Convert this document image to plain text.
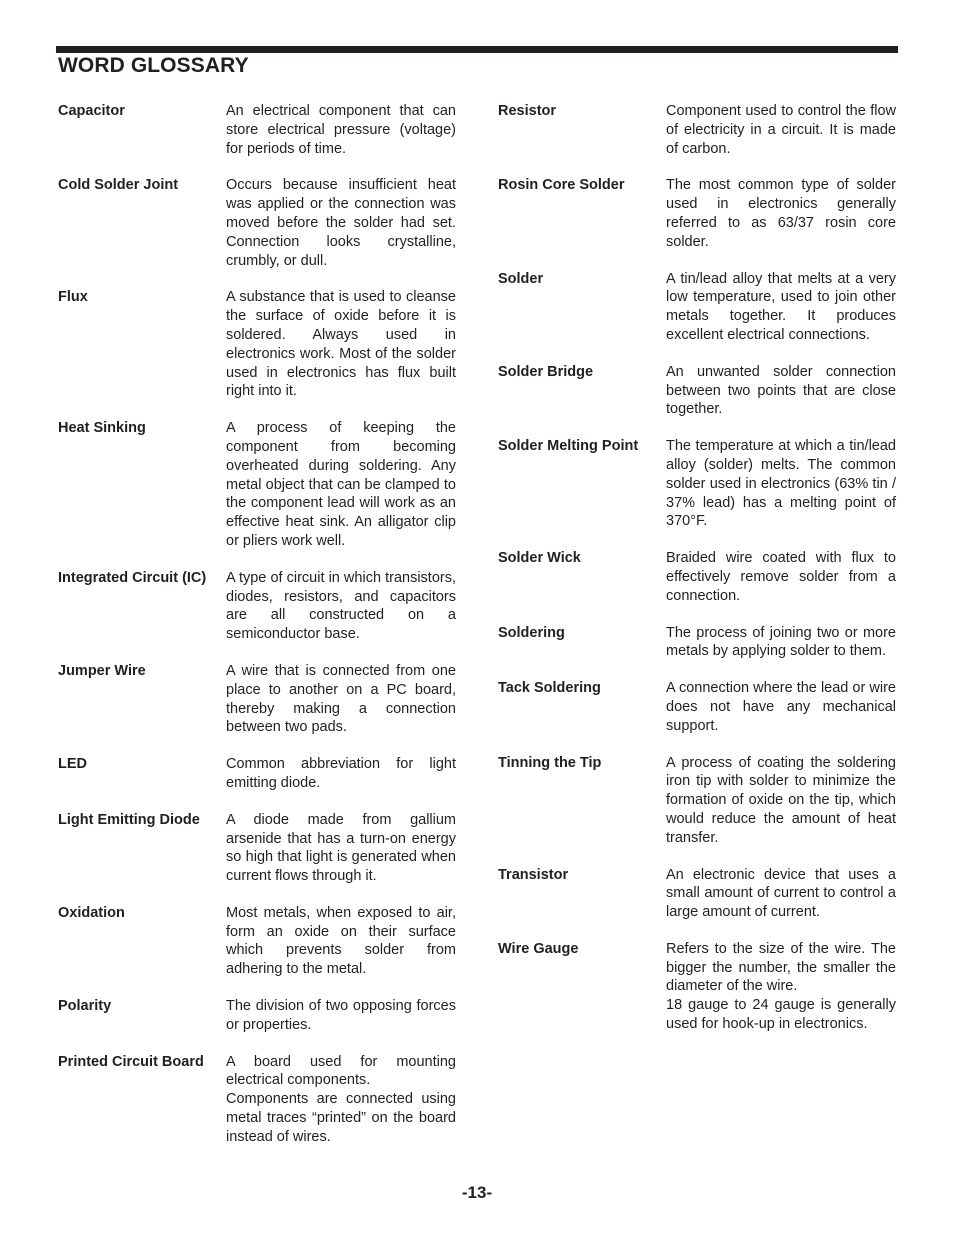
WORD GLOSSARY
Capacitor	An electrical component that can store electrical pressure (voltage) for periods of time.
Cold Solder Joint	Occurs because insufficient heat was applied or the connection was moved before the solder had set. Connection looks crystalline, crumbly, or dull.
Flux	A substance that is used to cleanse the surface of oxide before it is soldered. Always used in electronics work. Most of the solder used in electronics has flux built right into it.
Heat Sinking	A process of keeping the component from becoming overheated during soldering. Any metal object that can be clamped to the component lead will work as an effective heat sink. An alligator clip or pliers work well.
Integrated Circuit (IC)	A type of circuit in which transistors, diodes, resistors, and capacitors are all constructed on a semiconductor base.
Jumper Wire	A wire that is connected from one place to another on a PC board, thereby making a connection between two pads.
LED	Common abbreviation for light emitting diode.
Light Emitting Diode	A diode made from gallium arsenide that has a turn-on energy so high that light is generated when current flows through it.
Oxidation	Most metals, when exposed to air, form an oxide on their surface which prevents solder from adhering to the metal.
Polarity	The division of two opposing forces or properties.
Printed Circuit Board	A board used for mounting electrical components.
Components are connected using metal traces “printed” on the board instead of wires.
Resistor	Component used to control the flow of electricity in a circuit. It is made of carbon.
Rosin Core Solder	The most common type of solder used in electronics generally referred to as 63/37 rosin core solder.
Solder	A tin/lead alloy that melts at a very low temperature, used to join other metals together. It produces excellent electrical connections.
Solder Bridge	An unwanted solder connection between two points that are close together.
Solder Melting Point	The temperature at which a tin/lead alloy (solder) melts. The common solder used in electronics (63% tin / 37% lead) has a melting point of 370°F.
Solder Wick	Braided wire coated with flux to effectively remove solder from a connection.
Soldering	The process of joining two or more metals by applying solder to them.
Tack Soldering	A connection where the lead or wire does not have any mechanical support.
Tinning the Tip	A process of coating the soldering iron tip with solder to minimize the formation of oxide on the tip, which would reduce the amount of heat transfer.
Transistor	An electronic device that uses a small amount of current to control a large amount of current.
Wire Gauge	Refers to the size of the wire. The bigger the number, the smaller the diameter of the wire.
18 gauge to 24 gauge is generally used for hook-up in electronics.
-13-
